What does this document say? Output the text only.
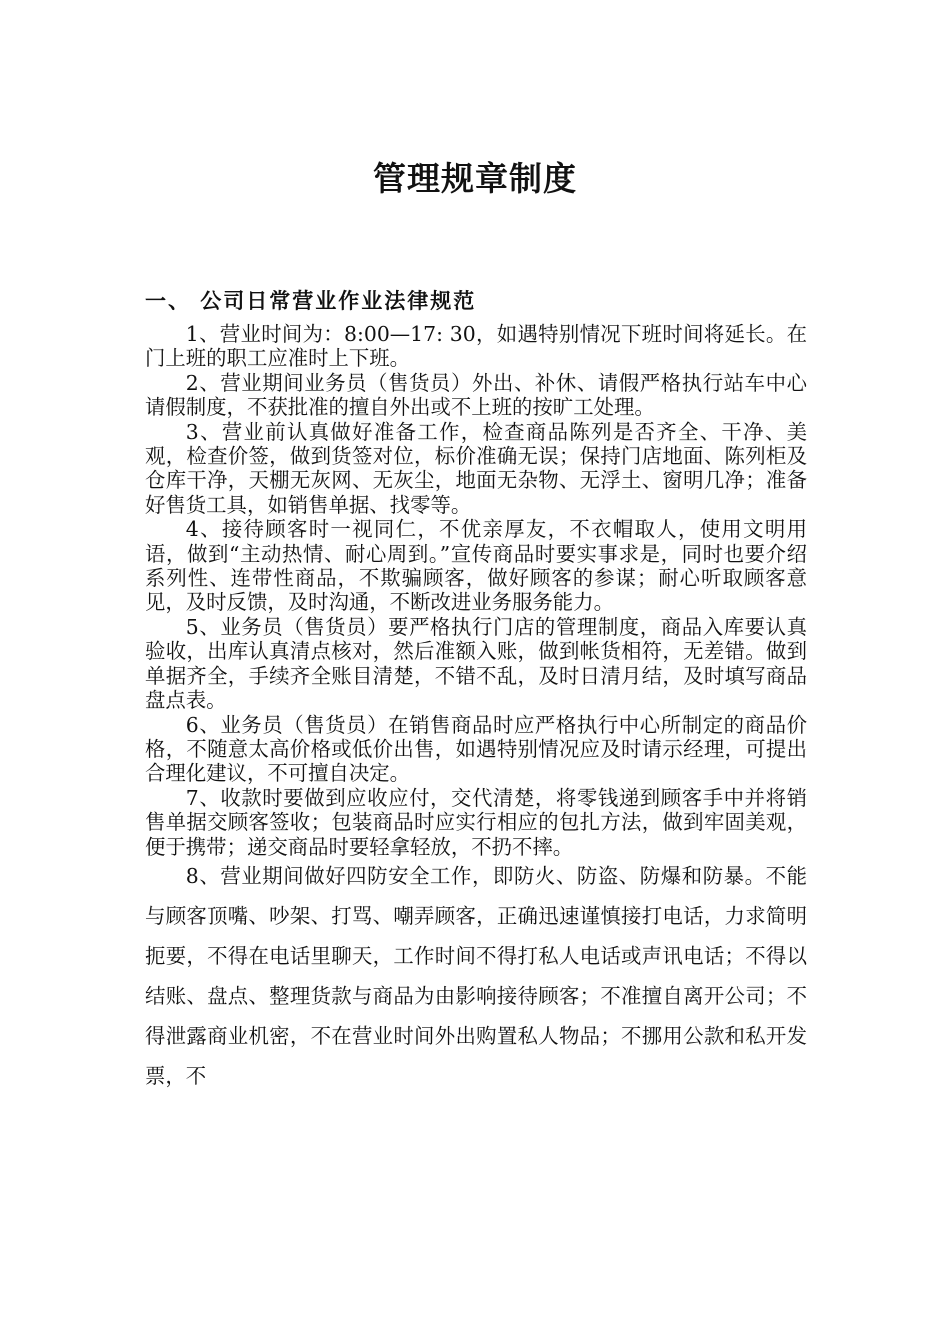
管理规章制度
一、 公司日常营业作业法律规范

1、营业时间为：8:00—17: 30，如遇特别情况下班时间将延长。在门上班的职工应准时上下班。

2、营业期间业务员（售货员）外出、补休、请假严格执行站车中心请假制度，不获批准的擅自外出或不上班的按旷工处理。

3、营业前认真做好准备工作，检查商品陈列是否齐全、干净、美观，检查价签，做到货签对位，标价准确无误；保持门店地面、陈列柜及仓库干净，天棚无灰网、无灰尘，地面无杂物、无浮土、窗明几净；准备好售货工具，如销售单据、找零等。

4、接待顾客时一视同仁，不优亲厚友，不衣帽取人，使用文明用语，做到“主动热情、耐心周到。”宣传商品时要实事求是，同时也要介绍系列性、连带性商品，不欺骗顾客，做好顾客的参谋；耐心听取顾客意见，及时反馈，及时沟通，不断改进业务服务能力。

5、业务员（售货员）要严格执行门店的管理制度，商品入库要认真验收，出库认真清点核对，然后准额入账，做到帐货相符，无差错。做到单据齐全，手续齐全账目清楚，不错不乱，及时日清月结，及时填写商品盘点表。

6、业务员（售货员）在销售商品时应严格执行中心所制定的商品价格，不随意太高价格或低价出售，如遇特别情况应及时请示经理，可提出合理化建议，不可擅自决定。

7、收款时要做到应收应付，交代清楚，将零钱递到顾客手中并将销售单据交顾客签收；包装商品时应实行相应的包扎方法，做到牢固美观，便于携带；递交商品时要轻拿轻放，不扔不摔。

8、营业期间做好四防安全工作，即防火、防盗、防爆和防暴。不能与顾客顶嘴、吵架、打骂、嘲弄顾客，正确迅速谨慎接打电话，力求简明扼要，不得在电话里聊天，工作时间不得打私人电话或声讯电话；不得以结账、盘点、整理货款与商品为由影响接待顾客；不准擅自离开公司；不得泄露商业机密，不在营业时间外出购置私人物品；不挪用公款和私开发票，不
